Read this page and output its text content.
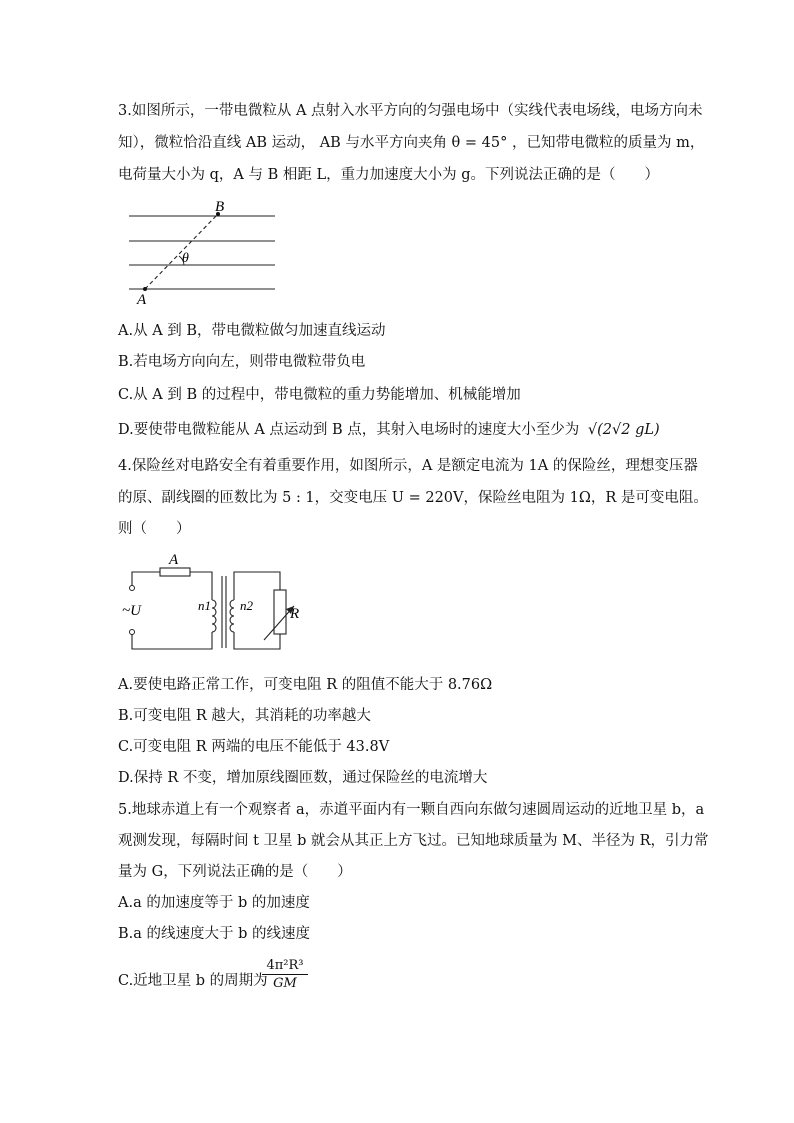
3.如图所示，一带电微粒从 A 点射入水平方向的匀强电场中（实线代表电场线，电场方向未
知），微粒恰沿直线 AB 运动， AB 与水平方向夹角 θ = 45° ，已知带电微粒的质量为 m，
电荷量大小为 q，A 与 B 相距 L，重力加速度大小为 g。下列说法正确的是（　　）
A
B
θ
A.从 A 到 B，带电微粒做匀加速直线运动
B.若电场方向向左，则带电微粒带负电
C.从 A 到 B 的过程中，带电微粒的重力势能增加、机械能增加
D.要使带电微粒能从 A 点运动到 B 点，其射入电场时的速度大小至少为 √(2√2 gL)
4.保险丝对电路安全有着重要作用，如图所示，A 是额定电流为 1A 的保险丝，理想变压器
的原、副线圈的匝数比为 5 : 1，交变电压 U = 220V，保险丝电阻为 1Ω，R 是可变电阻。
则（　　）
A
~U	n1 n2
R
A.要使电路正常工作，可变电阻 R 的阻值不能大于 8.76Ω
B.可变电阻 R 越大，其消耗的功率越大
C.可变电阻 R 两端的电压不能低于 43.8V
D.保持 R 不变，增加原线圈匝数，通过保险丝的电流增大
5.地球赤道上有一个观察者 a，赤道平面内有一颗自西向东做匀速圆周运动的近地卫星 b，a
观测发现，每隔时间 t 卫星 b 就会从其正上方飞过。已知地球质量为 M、半径为 R，引力常
量为 G，下列说法正确的是（　　）
A.a 的加速度等于 b 的加速度
B.a 的线速度大于 b 的线速度
C.近地卫星 b 的周期为
$\frac{\text{4π²R³}}{GM}$
